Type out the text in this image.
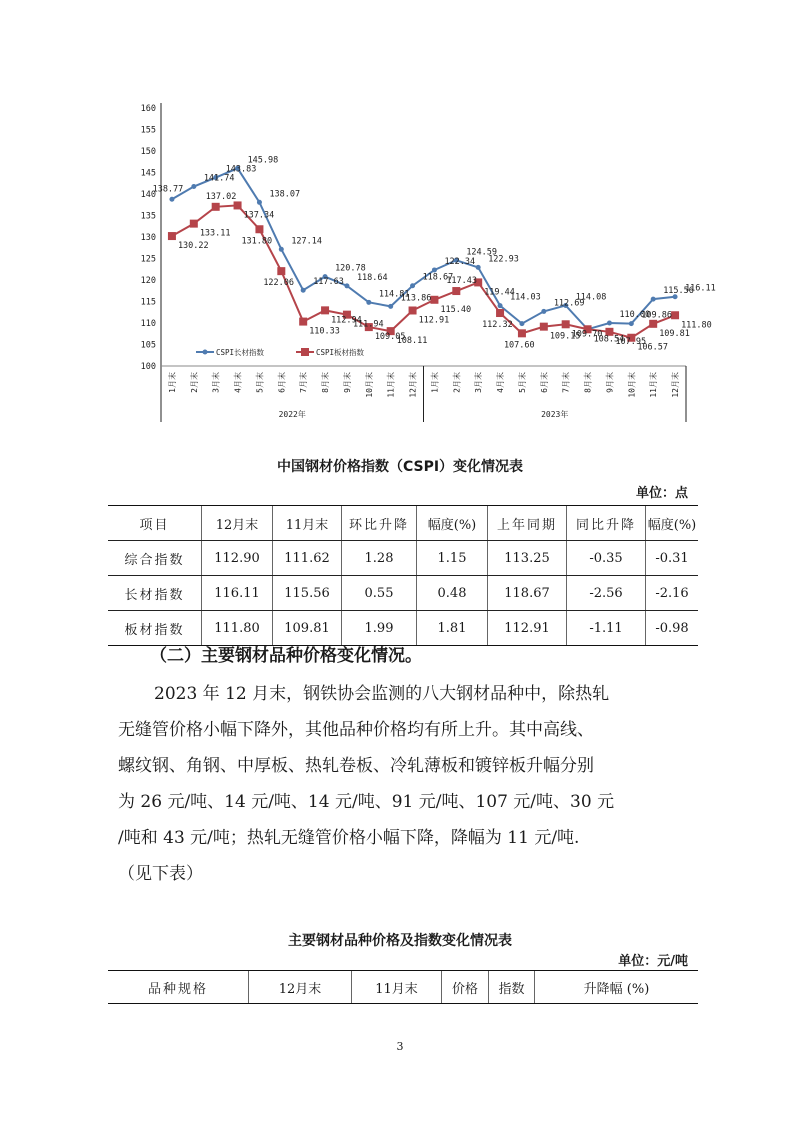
100
105
110
115
120
125
130
135
140
145
150
155
160
2022年	2023年
1月末 2月末 3月末 4月末 5月末 6月末 7月末 8月末 9月末 10月末 11月末 12月末 1月末 2月末 3月末 4月末 5月末 6月末 7月末 8月末 9月末 10月末 11月末 12月末
138.77
141.74
143.83
145.98
138.07
127.14
117.63
120.78
118.64
114.81
113.86
118.67
122.34
124.59
122.93
114.03
112.69
114.08
110.00
109.86
115.56
116.11
130.22
133.11
137.02
137.34
131.80
122.06
110.33
112.94
111.94
109.05
108.11
112.91
115.40
117.43
119.44
112.32
107.60
109.15
109.70
108.54
107.95
106.57
109.81
111.80
CSPI长材指数	CSPI板材指数
中国钢材价格指数（CSPI）变化情况表
单位：点
项目	12月末	11月末	环比升降	幅度(%)	上年同期	同比升降	幅度(%)
综合指数	112.90	111.62	1.28	1.15	113.25	-0.35	-0.31
长材指数	116.11	115.56	0.55	0.48	118.67	-2.56	-2.16
板材指数	111.80	109.81	1.99	1.81	112.91	-1.11	-0.98
（二）主要钢材品种价格变化情况。
2023 年 12 月末，钢铁协会监测的八大钢材品种中，除热轧
无缝管价格小幅下降外，其他品种价格均有所上升。其中高线、
螺纹钢、角钢、中厚板、热轧卷板、冷轧薄板和镀锌板升幅分别
为 26 元/吨、14 元/吨、14 元/吨、91 元/吨、107 元/吨、30 元
/吨和 43 元/吨；热轧无缝管价格小幅下降，降幅为 11 元/吨.
（见下表）
主要钢材品种价格及指数变化情况表
单位：元/吨
品种规格	12月末	11月末	价格	指数	升降幅 (%)
3
